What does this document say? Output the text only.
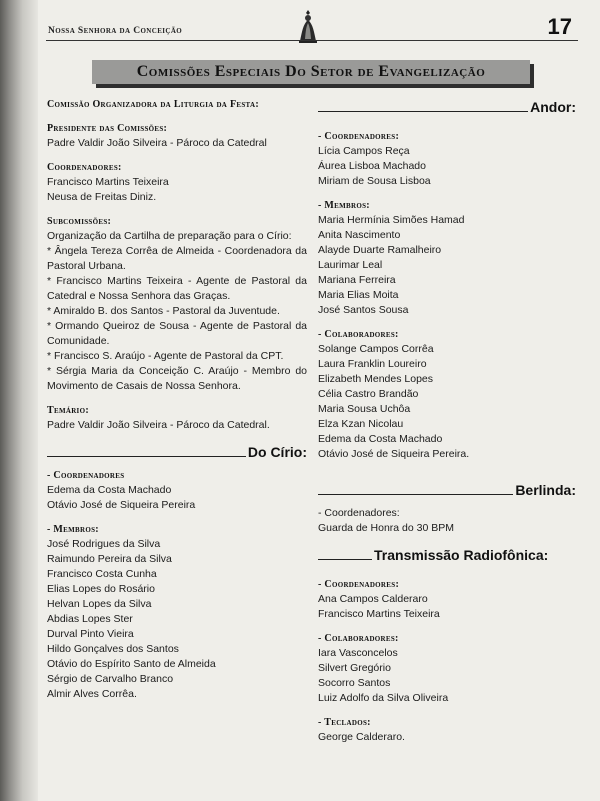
Nossa Senhora da Conceição	17
Comissões Especiais Do Setor de Evangelização
Comissão Organizadora da Liturgia da Festa:
Presidente das Comissões:
Padre Valdir João Silveira - Pároco da Catedral
Coordenadores:
Francisco Martins Teixeira
Neusa de Freitas Diniz.
Subcomissões:
Organização da Cartilha de preparação para o Círio:
* Ângela Tereza Corrêa de Almeida - Coordenadora da Pastoral Urbana.
* Francisco Martins Teixeira - Agente de Pastoral da Catedral e Nossa Senhora das Graças.
* Amiraldo B. dos Santos - Pastoral da Juventude.
* Ormando Queiroz de Sousa - Agente de Pastoral da Comunidade.
* Francisco S. Araújo - Agente de Pastoral da CPT.
* Sérgia Maria da Conceição C. Araújo - Membro do Movimento de Casais de Nossa Senhora.
Temário:
Padre Valdir João Silveira - Pároco da Catedral.
Do Círio:
- Coordenadores
Edema da Costa Machado
Otávio José de Siqueira Pereira
- Membros:
José Rodrigues da Silva
Raimundo Pereira da Silva
Francisco Costa Cunha
Elias Lopes do Rosário
Helvan Lopes da Silva
Abdias Lopes Ster
Durval Pinto Vieira
Hildo Gonçalves dos Santos
Otávio do Espírito Santo de Almeida
Sérgio de Carvalho Branco
Almir Alves Corrêa.
Andor:
- Coordenadores:
Lícia Campos Reça
Áurea Lisboa Machado
Miriam de Sousa Lisboa
- Membros:
Maria Hermínia Simões Hamad
Anita Nascimento
Alayde Duarte Ramalheiro
Laurimar Leal
Mariana Ferreira
Maria Elias Moita
José Santos Sousa
- Colaboradores:
Solange Campos Corrêa
Laura Franklin Loureiro
Elizabeth Mendes Lopes
Célia Castro Brandão
Maria Sousa Uchôa
Elza Kzan Nicolau
Edema da Costa Machado
Otávio José de Siqueira Pereira.
Berlinda:
- Coordenadores:
Guarda de Honra do 30 BPM
Transmissão Radiofônica:
- Coordenadores:
Ana Campos Calderaro
Francisco Martins Teixeira
- Colaboradores:
Iara Vasconcelos
Silvert Gregório
Socorro Santos
Luiz Adolfo da Silva Oliveira
- Teclados:
George Calderaro.
